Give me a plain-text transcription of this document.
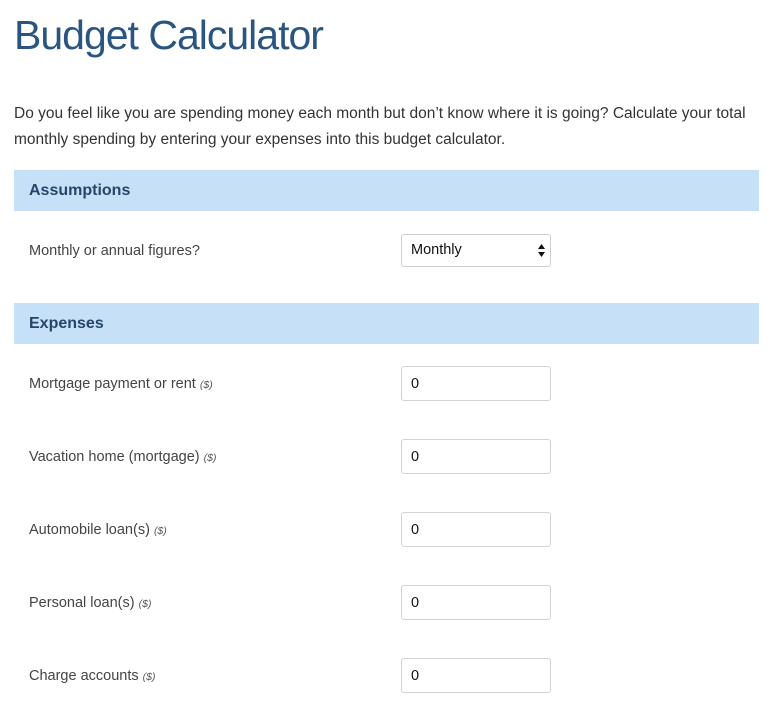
Budget Calculator

Do you feel like you are spending money each month but don’t know where it is going? Calculate your total monthly spending by entering your expenses into this budget calculator.

Assumptions
Monthly or annual figures?	Monthly
Expenses
Mortgage payment or rent ($)
0
Vacation home (mortgage) ($)
0
Automobile loan(s) ($)
0
Personal loan(s) ($)
0
Charge accounts ($)
0
